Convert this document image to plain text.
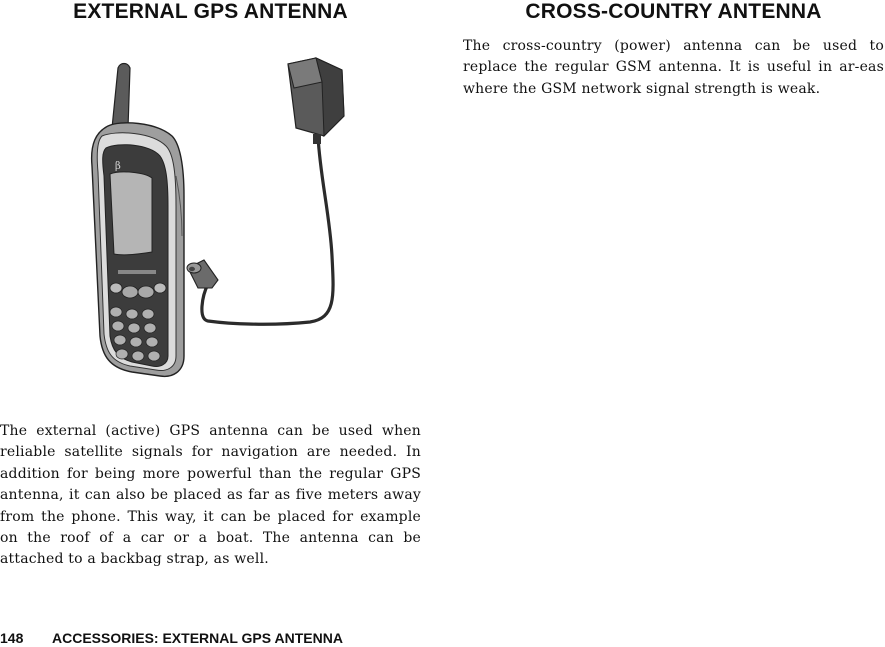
EXTERNAL GPS ANTENNA
β

The external (active) GPS antenna can be used when reliable satellite signals for navigation are needed. In addition for being more powerful than the regular GPS antenna, it can also be placed as far as five meters away from the phone. This way, it can be placed for example on the roof of a car or a boat. The antenna can be attached to a backbag strap, as well.

CROSS-COUNTRY ANTENNA

The cross-country (power) antenna can be used to replace the regular GSM antenna. It is useful in ar-eas where the GSM network signal strength is weak.

148 ACCESSORIES: EXTERNAL GPS ANTENNA
